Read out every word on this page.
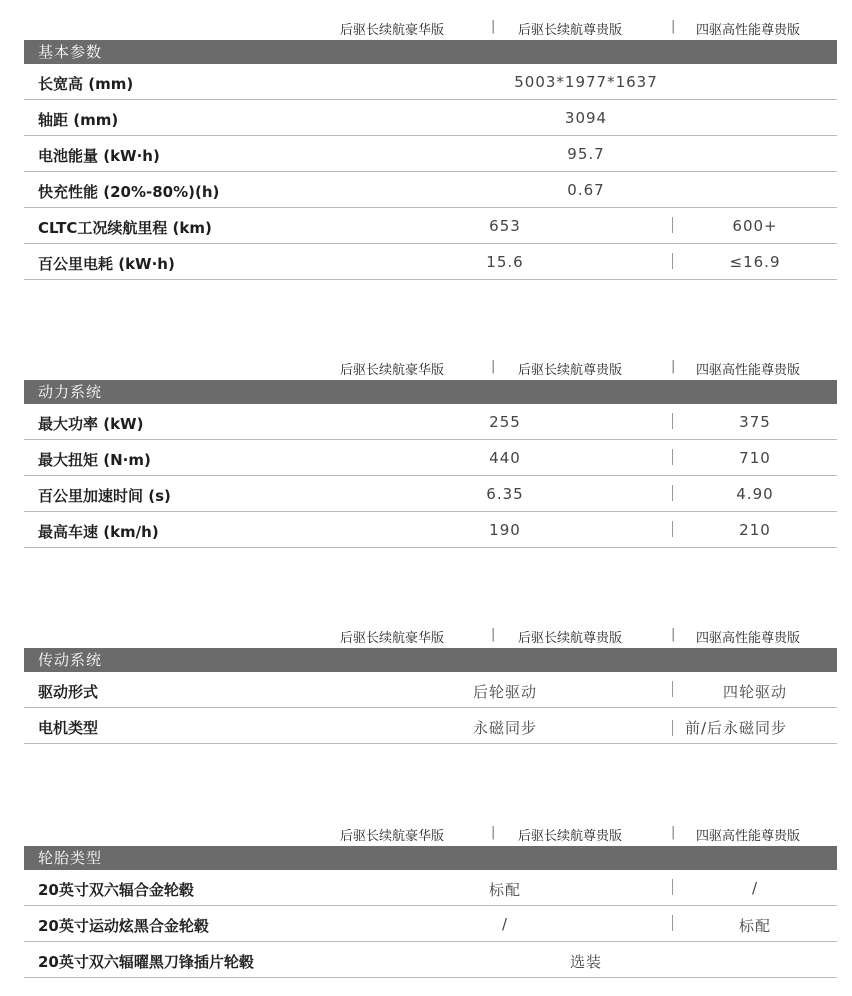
后驱长续航豪华版	| 后驱长续航尊贵版	| 四驱高性能尊贵版
基本参数
长宽高 (mm)	5003*1977*1637
轴距 (mm)	3094
电池能量 (kW·h)	95.7
快充性能 (20%-80%)(h)	0.67
CLTC工况续航里程 (km)	653	600+
百公里电耗 (kW·h)	15.6	≤16.9
后驱长续航豪华版	| 后驱长续航尊贵版	| 四驱高性能尊贵版
动力系统
最大功率 (kW)	255	375
最大扭矩 (N·m)	440	710
百公里加速时间 (s)	6.35	4.90
最高车速 (km/h)	190	210
后驱长续航豪华版	| 后驱长续航尊贵版	| 四驱高性能尊贵版
传动系统
驱动形式	后轮驱动	四轮驱动
电机类型	永磁同步	前/后永磁同步
后驱长续航豪华版	| 后驱长续航尊贵版	| 四驱高性能尊贵版
轮胎类型
20英寸双六辐合金轮毂	标配	/
20英寸运动炫黑合金轮毂	/	标配
20英寸双六辐曜黑刀锋插片轮毂	选装
